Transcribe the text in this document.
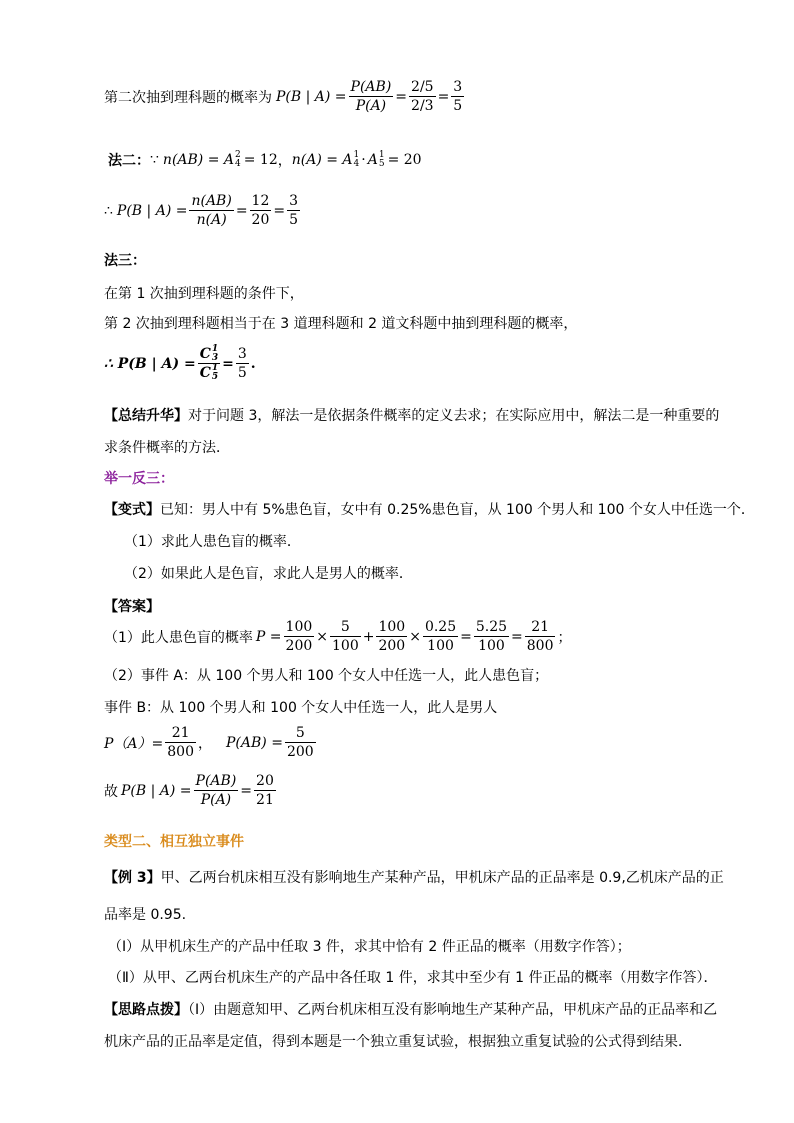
第二次抽到理科题的概率为 P(B | $A) = \frac{P(AB)}{P(A)} = \frac{2/5}{2/3} = \frac{3}{5}$
法二： ∵ n(AB) = A 2
4 = 12 ， n(A) = A 1
4 · A 1
5 = 20
∴ P(B | $A) = \frac{n(AB)}{n(A)} = \frac{12}{20} = \frac{3}{5}$
法三：
在第 1 次抽到理科题的条件下，
第 2 次抽到理科题相当于在 3 道理科题和 2 道文科题中抽到理科题的概率，
∴ P(B | A) = C 1
3
C 1
$5 = \frac{3}{5}$ .
【总结升华】对于问题 3，解法一是依据条件概率的定义去求；在实际应用中，解法二是一种重要的
求条件概率的方法．
举一反三：
【变式】已知：男人中有 5%患色盲，女中有 0.25%患色盲，从 100 个男人和 100 个女人中任选一个．
（1）求此人患色盲的概率．
（2）如果此人是色盲，求此人是男人的概率．
【答案】
（1）此人患色盲的概率 $P = \frac{100}{200} \times \frac{5}{100} + \frac{100}{200} \times \frac{0.25}{100} = \frac{5.25}{100} = \frac{21}{800}$ ；
（2）事件 A：从 100 个男人和 100 个女人中任选一人，此人患色盲；
事件 B：从 100 个男人和 100 个女人中任选一人，此人是男人
$P(A)= \frac{21}{800}$ ， $P(AB) = \frac{5}{200}$
故 P(B | $A) = \frac{P(AB)}{P(A)} = \frac{20}{21}$
类型二、相互独立事件
【例 3】甲、乙两台机床相互没有影响地生产某种产品，甲机床产品的正品率是 0.9,乙机床产品的正
品率是 0.95.
（Ⅰ）从甲机床生产的产品中任取 3 件，求其中恰有 2 件正品的概率（用数字作答）；
（Ⅱ）从甲、乙两台机床生产的产品中各任取 1 件，求其中至少有 1 件正品的概率（用数字作答）．
【思路点拨】（Ⅰ）由题意知甲、乙两台机床相互没有影响地生产某种产品，甲机床产品的正品率和乙
机床产品的正品率是定值，得到本题是一个独立重复试验，根据独立重复试验的公式得到结果．
